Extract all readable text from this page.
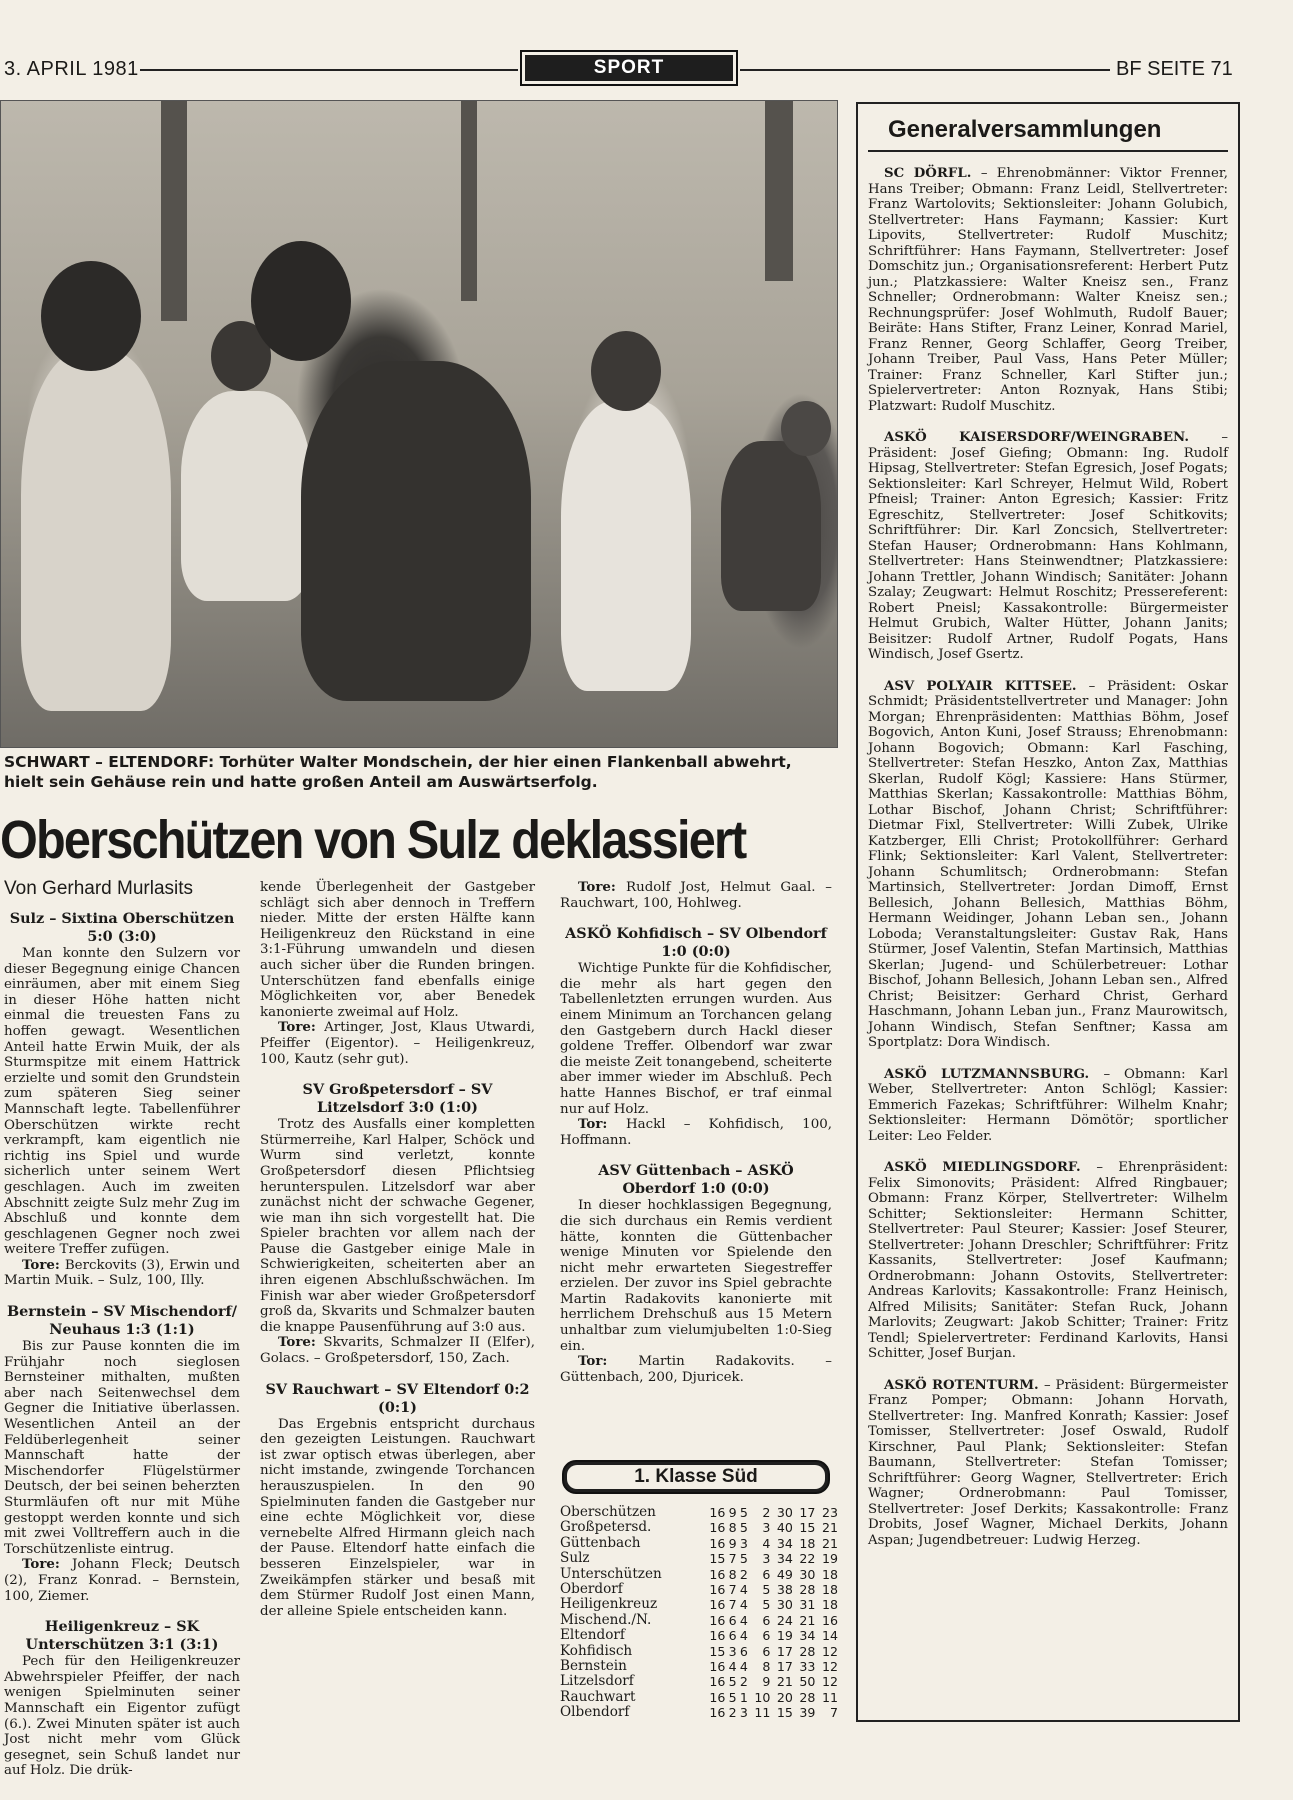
3. APRIL 1981	SPORT	BF SEITE 71
SCHWART – ELTENDORF: Torhüter Walter Mondschein, der hier einen Flankenball abwehrt,
hielt sein Gehäuse rein und hatte großen Anteil am Auswärtserfolg.
Oberschützen von Sulz deklassiert
Von Gerhard Murlasits

Sulz – Sixtina Oberschützen 5:0 (3:0)

Man konnte den Sulzern vor dieser Begegnung einige Chancen einräumen, aber mit einem Sieg in dieser Höhe hatten nicht einmal die treuesten Fans zu hoffen gewagt. Wesentlichen Anteil hatte Erwin Muik, der als Sturmspitze mit einem Hattrick erzielte und somit den Grundstein zum späteren Sieg seiner Mannschaft legte. Tabellenführer Oberschützen wirkte recht verkrampft, kam eigentlich nie richtig ins Spiel und wurde sicherlich unter seinem Wert geschlagen. Auch im zweiten Abschnitt zeigte Sulz mehr Zug im Abschluß und konnte dem geschlagenen Gegner noch zwei weitere Treffer zufügen.

Tore: Berckovits (3), Erwin und Martin Muik. – Sulz, 100, Illy.

Bernstein – SV Mischendorf/ Neuhaus 1:3 (1:1)

Bis zur Pause konnten die im Frühjahr noch sieglosen Bernsteiner mithalten, mußten aber nach Seitenwechsel dem Gegner die Initiative überlassen. Wesentlichen Anteil an der Feldüberlegenheit seiner Mannschaft hatte der Mischendorfer Flügelstürmer Deutsch, der bei seinen beherzten Sturmläufen oft nur mit Mühe gestoppt werden konnte und sich mit zwei Volltreffern auch in die Torschützenliste eintrug.

Tore: Johann Fleck; Deutsch (2), Franz Konrad. – Bernstein, 100, Ziemer.

Heiligenkreuz – SK Unterschützen 3:1 (3:1)

Pech für den Heiligenkreuzer Abwehrspieler Pfeiffer, der nach wenigen Spielminuten seiner Mannschaft ein Eigentor zufügt (6.). Zwei Minuten später ist auch Jost nicht mehr vom Glück gesegnet, sein Schuß landet nur auf Holz. Die drük-

kende Überlegenheit der Gastgeber schlägt sich aber dennoch in Treffern nieder. Mitte der ersten Hälfte kann Heiligenkreuz den Rückstand in eine 3:1-Führung umwandeln und diesen auch sicher über die Runden bringen. Unterschützen fand ebenfalls einige Möglichkeiten vor, aber Benedek kanonierte zweimal auf Holz.

Tore: Artinger, Jost, Klaus Utwardi, Pfeiffer (Eigentor). – Heiligenkreuz, 100, Kautz (sehr gut).

SV Großpetersdorf – SV Litzelsdorf 3:0 (1:0)

Trotz des Ausfalls einer kompletten Stürmerreihe, Karl Halper, Schöck und Wurm sind verletzt, konnte Großpetersdorf diesen Pflichtsieg herunterspulen. Litzelsdorf war aber zunächst nicht der schwache Gegener, wie man ihn sich vorgestellt hat. Die Spieler brachten vor allem nach der Pause die Gastgeber einige Male in Schwierigkeiten, scheiterten aber an ihren eigenen Abschlußschwächen. Im Finish war aber wieder Großpetersdorf groß da, Skvarits und Schmalzer bauten die knappe Pausenführung auf 3:0 aus.

Tore: Skvarits, Schmalzer II (Elfer), Golacs. – Großpetersdorf, 150, Zach.

SV Rauchwart – SV Eltendorf 0:2 (0:1)

Das Ergebnis entspricht durchaus den gezeigten Leistungen. Rauchwart ist zwar optisch etwas überlegen, aber nicht imstande, zwingende Torchancen herauszuspielen. In den 90 Spielminuten fanden die Gastgeber nur eine echte Möglichkeit vor, diese vernebelte Alfred Hirmann gleich nach der Pause. Eltendorf hatte einfach die besseren Einzelspieler, war in Zweikämpfen stärker und besaß mit dem Stürmer Rudolf Jost einen Mann, der alleine Spiele entscheiden kann.

Tore: Rudolf Jost, Helmut Gaal. – Rauchwart, 100, Hohlweg.

ASKÖ Kohfidisch – SV Olbendorf 1:0 (0:0)

Wichtige Punkte für die Kohfidischer, die mehr als hart gegen den Tabellenletzten errungen wurden. Aus einem Minimum an Torchancen gelang den Gastgebern durch Hackl dieser goldene Treffer. Olbendorf war zwar die meiste Zeit tonangebend, scheiterte aber immer wieder im Abschluß. Pech hatte Hannes Bischof, er traf einmal nur auf Holz.

Tor: Hackl – Kohfidisch, 100, Hoffmann.

ASV Güttenbach – ASKÖ Oberdorf 1:0 (0:0)

In dieser hochklassigen Begegnung, die sich durchaus ein Remis verdient hätte, konnten die Güttenbacher wenige Minuten vor Spielende den nicht mehr erwarteten Siegestreffer erzielen. Der zuvor ins Spiel gebrachte Martin Radakovits kanonierte mit herrlichem Drehschuß aus 15 Metern unhaltbar zum vielumjubelten 1:0-Sieg ein.

Tor: Martin Radakovits. – Güttenbach, 200, Djuricek.

1. Klasse Süd
Oberschützen	16	9	5	2	30	17	23
Großpetersd.	16	8	5	3	40	15	21
Güttenbach	16	9	3	4	34	18	21
Sulz	15	7	5	3	34	22	19
Unterschützen	16	8	2	6	49	30	18
Oberdorf	16	7	4	5	38	28	18
Heiligenkreuz	16	7	4	5	30	31	18
Mischend./N.	16	6	4	6	24	21	16
Eltendorf	16	6	4	6	19	34	14
Kohfidisch	15	3	6	6	17	28	12
Bernstein	16	4	4	8	17	33	12
Litzelsdorf	16	5	2	9	21	50	12
Rauchwart	16	5	1	10	20	28	11
Olbendorf	16	2	3	11	15	39	7
Generalversammlungen

SC DÖRFL. – Ehrenobmänner: Viktor Frenner, Hans Treiber; Obmann: Franz Leidl, Stellvertreter: Franz Wartolovits; Sektionsleiter: Johann Golubich, Stellvertreter: Hans Faymann; Kassier: Kurt Lipovits, Stellvertreter: Rudolf Muschitz; Schriftführer: Hans Faymann, Stellvertreter: Josef Domschitz jun.; Organisationsreferent: Herbert Putz jun.; Platzkassiere: Walter Kneisz sen., Franz Schneller; Ordnerobmann: Walter Kneisz sen.; Rechnungsprüfer: Josef Wohlmuth, Rudolf Bauer; Beiräte: Hans Stifter, Franz Leiner, Konrad Mariel, Franz Renner, Georg Schlaffer, Georg Treiber, Johann Treiber, Paul Vass, Hans Peter Müller; Trainer: Franz Schneller, Karl Stifter jun.; Spielervertreter: Anton Roznyak, Hans Stibi; Platzwart: Rudolf Muschitz.

ASKÖ KAISERSDORF/WEINGRABEN. – Präsident: Josef Giefing; Obmann: Ing. Rudolf Hipsag, Stellvertreter: Stefan Egresich, Josef Pogats; Sektionsleiter: Karl Schreyer, Helmut Wild, Robert Pfneisl; Trainer: Anton Egresich; Kassier: Fritz Egreschitz, Stellvertreter: Josef Schitkovits; Schriftführer: Dir. Karl Zoncsich, Stellvertreter: Stefan Hauser; Ordnerobmann: Hans Kohlmann, Stellvertreter: Hans Steinwendtner; Platzkassiere: Johann Trettler, Johann Windisch; Sanitäter: Johann Szalay; Zeugwart: Helmut Roschitz; Pressereferent: Robert Pneisl; Kassakontrolle: Bürgermeister Helmut Grubich, Walter Hütter, Johann Janits; Beisitzer: Rudolf Artner, Rudolf Pogats, Hans Windisch, Josef Gsertz.

ASV POLYAIR KITTSEE. – Präsident: Oskar Schmidt; Präsidentstellvertreter und Manager: John Morgan; Ehrenpräsidenten: Matthias Böhm, Josef Bogovich, Anton Kuni, Josef Strauss; Ehrenobmann: Johann Bogovich; Obmann: Karl Fasching, Stellvertreter: Stefan Heszko, Anton Zax, Matthias Skerlan, Rudolf Kögl; Kassiere: Hans Stürmer, Matthias Skerlan; Kassakontrolle: Matthias Böhm, Lothar Bischof, Johann Christ; Schriftführer: Dietmar Fixl, Stellvertreter: Willi Zubek, Ulrike Katzberger, Elli Christ; Protokollführer: Gerhard Flink; Sektionsleiter: Karl Valent, Stellvertreter: Johann Schumlitsch; Ordnerobmann: Stefan Martinsich, Stellvertreter: Jordan Dimoff, Ernst Bellesich, Johann Bellesich, Matthias Böhm, Hermann Weidinger, Johann Leban sen., Johann Loboda; Veranstaltungsleiter: Gustav Rak, Hans Stürmer, Josef Valentin, Stefan Martinsich, Matthias Skerlan; Jugend- und Schülerbetreuer: Lothar Bischof, Johann Bellesich, Johann Leban sen., Alfred Christ; Beisitzer: Gerhard Christ, Gerhard Haschmann, Johann Leban jun., Franz Maurowitsch, Johann Windisch, Stefan Senftner; Kassa am Sportplatz: Dora Windisch.

ASKÖ LUTZMANNSBURG. – Obmann: Karl Weber, Stellvertreter: Anton Schlögl; Kassier: Emmerich Fazekas; Schriftführer: Wilhelm Knahr; Sektionsleiter: Hermann Dömötör; sportlicher Leiter: Leo Felder.

ASKÖ MIEDLINGSDORF. – Ehrenpräsident: Felix Simonovits; Präsident: Alfred Ringbauer; Obmann: Franz Körper, Stellvertreter: Wilhelm Schitter; Sektionsleiter: Hermann Schitter, Stellvertreter: Paul Steurer; Kassier: Josef Steurer, Stellvertreter: Johann Dreschler; Schriftführer: Fritz Kassanits, Stellvertreter: Josef Kaufmann; Ordnerobmann: Johann Ostovits, Stellvertreter: Andreas Karlovits; Kassakontrolle: Franz Heinisch, Alfred Milisits; Sanitäter: Stefan Ruck, Johann Marlovits; Zeugwart: Jakob Schitter; Trainer: Fritz Tendl; Spielervertreter: Ferdinand Karlovits, Hansi Schitter, Josef Burjan.

ASKÖ ROTENTURM. – Präsident: Bürgermeister Franz Pomper; Obmann: Johann Horvath, Stellvertreter: Ing. Manfred Konrath; Kassier: Josef Tomisser, Stellvertreter: Josef Oswald, Rudolf Kirschner, Paul Plank; Sektionsleiter: Stefan Baumann, Stellvertreter: Stefan Tomisser; Schriftführer: Georg Wagner, Stellvertreter: Erich Wagner; Ordnerobmann: Paul Tomisser, Stellvertreter: Josef Derkits; Kassakontrolle: Franz Drobits, Josef Wagner, Michael Derkits, Johann Aspan; Jugendbetreuer: Ludwig Herzeg.
